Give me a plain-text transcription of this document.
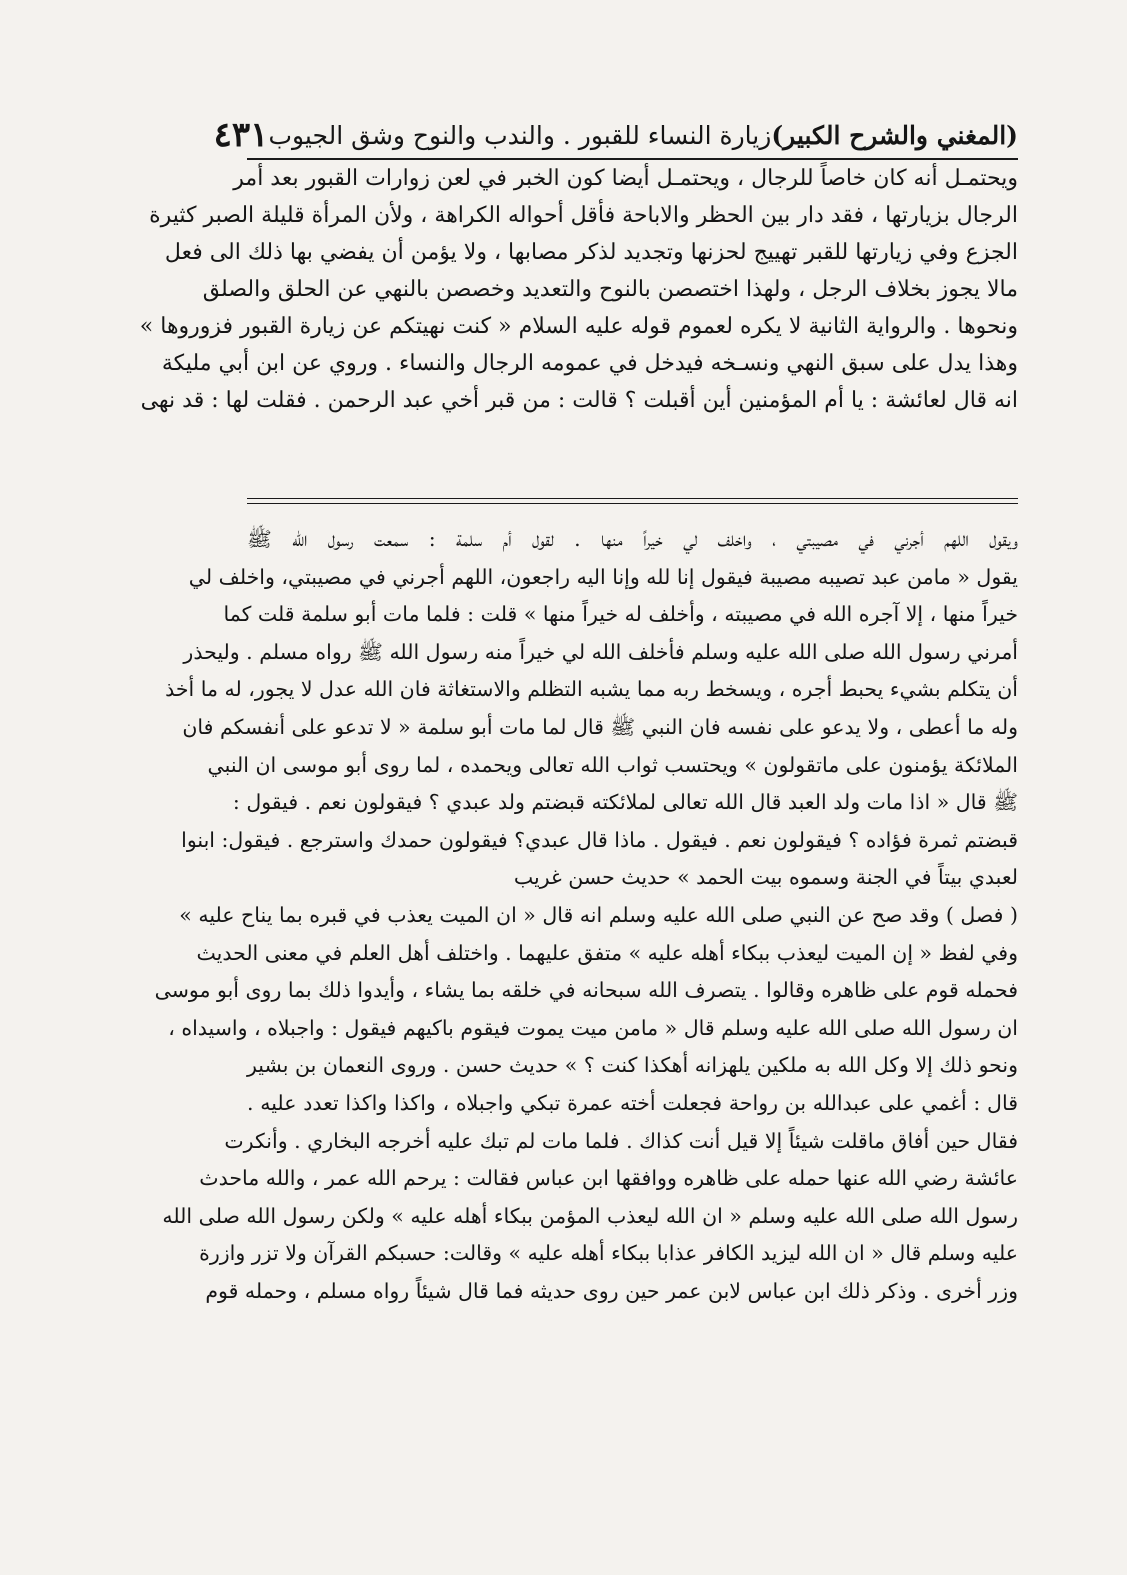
(المغني والشرح الكبير)
زيارة النساء للقبور . والندب والنوح وشق الجيوب
٤٣١
ويحتمـل أنه كان خاصاً للرجال ، ويحتمـل أيضا كون الخبر في لعن زوارات القبور بعد أمر
الرجال بزيارتها ، فقد دار بين الحظر والاباحة فأقل أحواله الكراهة ، ولأن المرأة قليلة الصبر كثيرة
الجزع وفي زيارتها للقبر تهييج لحزنها وتجديد لذكر مصابها ، ولا يؤمن أن يفضي بها ذلك الى فعل
مالا يجوز بخلاف الرجل ، ولهذا اختصصن بالنوح والتعديد وخصصن بالنهي عن الحلق والصلق
ونحوها . والرواية الثانية لا يكره لعموم قوله عليه السلام « كنت نهيتكم عن زيارة القبور فزوروها »
وهذا يدل على سبق النهي ونسـخه فيدخل في عمومه الرجال والنساء . وروي عن ابن أبي مليكة
انه قال لعائشة : يا أم المؤمنين أين أقبلت ؟ قالت : من قبر أخي عبد الرحمن . فقلت لها : قد نهى
ويقول اللهم أجرني في مصيبتي ، واخلف لي خيراً منها . لقول أم سلمة : سمعت رسول الله ﷺ
يقول « مامن عبد تصيبه مصيبة فيقول إنا لله وإنا اليه راجعون، اللهم أجرني في مصيبتي، واخلف لي
خيراً منها ، إلا آجره الله في مصيبته ، وأخلف له خيراً منها » قلت : فلما مات أبو سلمة قلت كما
أمرني رسول الله صلى الله عليه وسلم فأخلف الله لي خيراً منه رسول الله ﷺ رواه مسلم . وليحذر
أن يتكلم بشيء يحبط أجره ، ويسخط ربه مما يشبه التظلم والاستغاثة فان الله عدل لا يجور، له ما أخذ
وله ما أعطى ، ولا يدعو على نفسه فان النبي ﷺ قال لما مات أبو سلمة « لا تدعو على أنفسكم فان
الملائكة يؤمنون على ماتقولون » ويحتسب ثواب الله تعالى ويحمده ، لما روى أبو موسى ان النبي
ﷺ قال « اذا مات ولد العبد قال الله تعالى لملائكته قبضتم ولد عبدي ؟ فيقولون نعم . فيقول :
قبضتم ثمرة فؤاده ؟ فيقولون نعم . فيقول . ماذا قال عبدي؟ فيقولون حمدك واسترجع . فيقول: ابنوا
لعبدي بيتاً في الجنة وسموه بيت الحمد » حديث حسن غريب
( فصل ) وقد صح عن النبي صلى الله عليه وسلم انه قال « ان الميت يعذب في قبره بما يناح عليه »
وفي لفظ « إن الميت ليعذب ببكاء أهله عليه » متفق عليهما . واختلف أهل العلم في معنى الحديث
فحمله قوم على ظاهره وقالوا . يتصرف الله سبحانه في خلقه بما يشاء ، وأيدوا ذلك بما روى أبو موسى
ان رسول الله صلى الله عليه وسلم قال « مامن ميت يموت فيقوم باكيهم فيقول : واجبلاه ، واسيداه ،
ونحو ذلك إلا وكل الله به ملكين يلهزانه أهكذا كنت ؟ » حديث حسن . وروى النعمان بن بشير
قال : أغمي على عبدالله بن رواحة فجعلت أخته عمرة تبكي واجبلاه ، واكذا واكذا تعدد عليه .
فقال حين أفاق ماقلت شيئاً إلا قيل أنت كذاك . فلما مات لم تبك عليه أخرجه البخاري . وأنكرت
عائشة رضي الله عنها حمله على ظاهره ووافقها ابن عباس فقالت : يرحم الله عمر ، والله ماحدث
رسول الله صلى الله عليه وسلم « ان الله ليعذب المؤمن ببكاء أهله عليه » ولكن رسول الله صلى الله
عليه وسلم قال « ان الله ليزيد الكافر عذابا ببكاء أهله عليه » وقالت: حسبكم القرآن ولا تزر وازرة
وزر أخرى . وذكر ذلك ابن عباس لابن عمر حين روى حديثه فما قال شيئاً رواه مسلم ، وحمله قوم
